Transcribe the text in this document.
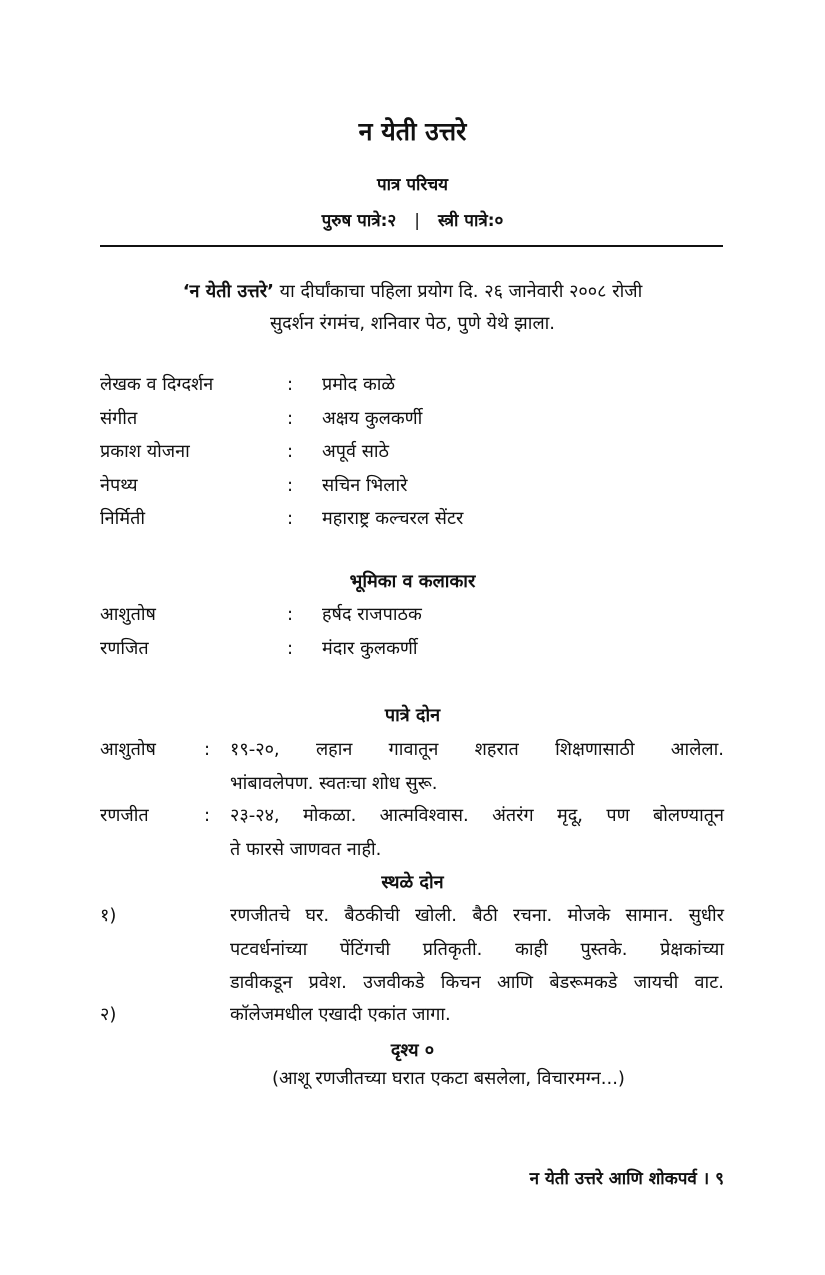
न येती उत्तरे
पात्र परिचय
पुरुष पात्रे:२ | स्त्री पात्रे:०
‘न येती उत्तरे’ या दीर्घांकाचा पहिला प्रयोग दि. २६ जानेवारी २००८ रोजी
सुदर्शन रंगमंच, शनिवार पेठ, पुणे येथे झाला.
लेखक व दिग्दर्शन	: प्रमोद काळे
संगीत	: अक्षय कुलकर्णी
प्रकाश योजना	: अपूर्व साठे
नेपथ्य	: सचिन भिलारे
निर्मिती	: महाराष्ट्र कल्चरल सेंटर
भूमिका व कलाकार
आशुतोष	: हर्षद राजपाठक
रणजित	: मंदार कुलकर्णी
पात्रे दोन
आशुतोष	: १९-२०, लहान गावातून शहरात शिक्षणासाठी आलेला.
भांबावलेपण. स्वतःचा शोध सुरू.
रणजीत	: २३-२४, मोकळा. आत्मविश्वास. अंतरंग मृदू, पण बोलण्यातून
ते फारसे जाणवत नाही.
स्थळे दोन
१)	रणजीतचे घर. बैठकीची खोली. बैठी रचना. मोजके सामान. सुधीर
पटवर्धनांच्या पेंटिंगची प्रतिकृती. काही पुस्तके. प्रेक्षकांच्या
डावीकडून प्रवेश. उजवीकडे किचन आणि बेडरूमकडे जायची वाट.
२)	कॉलेजमधील एखादी एकांत जागा.
दृश्य ०
(आशू रणजीतच्या घरात एकटा बसलेला, विचारमग्न...)
न येती उत्तरे आणि शोकपर्व । ९
